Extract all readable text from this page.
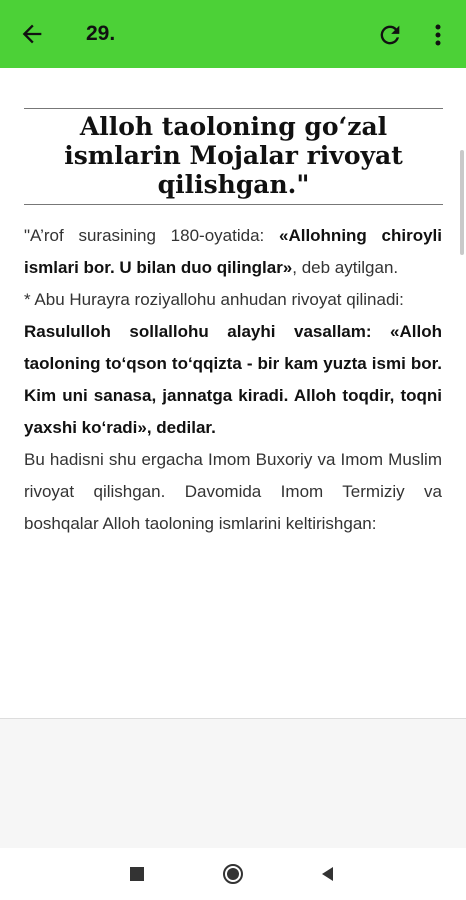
29.
Alloh taoloning go‘zal ismlarin Mojalar rivoyat qilishgan."

"A’rof surasining 180-oyatida: «Allohning chiroyli ismlari bor. U bilan duo qilinglar», deb aytilgan.

* Abu Hurayra roziyallohu anhudan rivoyat qilinadi:

Rasululloh sollallohu alayhi vasallam: «Alloh taoloning to‘qson to‘qqizta - bir kam yuzta ismi bor. Kim uni sanasa, jannatga kiradi. Alloh toqdir, toqni yaxshi ko‘radi», dedilar.

Bu hadisni shu ergacha Imom Buxoriy va Imom Muslim rivoyat qilishgan. Davomida Imom Termiziy va boshqalar Alloh taoloning ismlarini keltirishgan:
